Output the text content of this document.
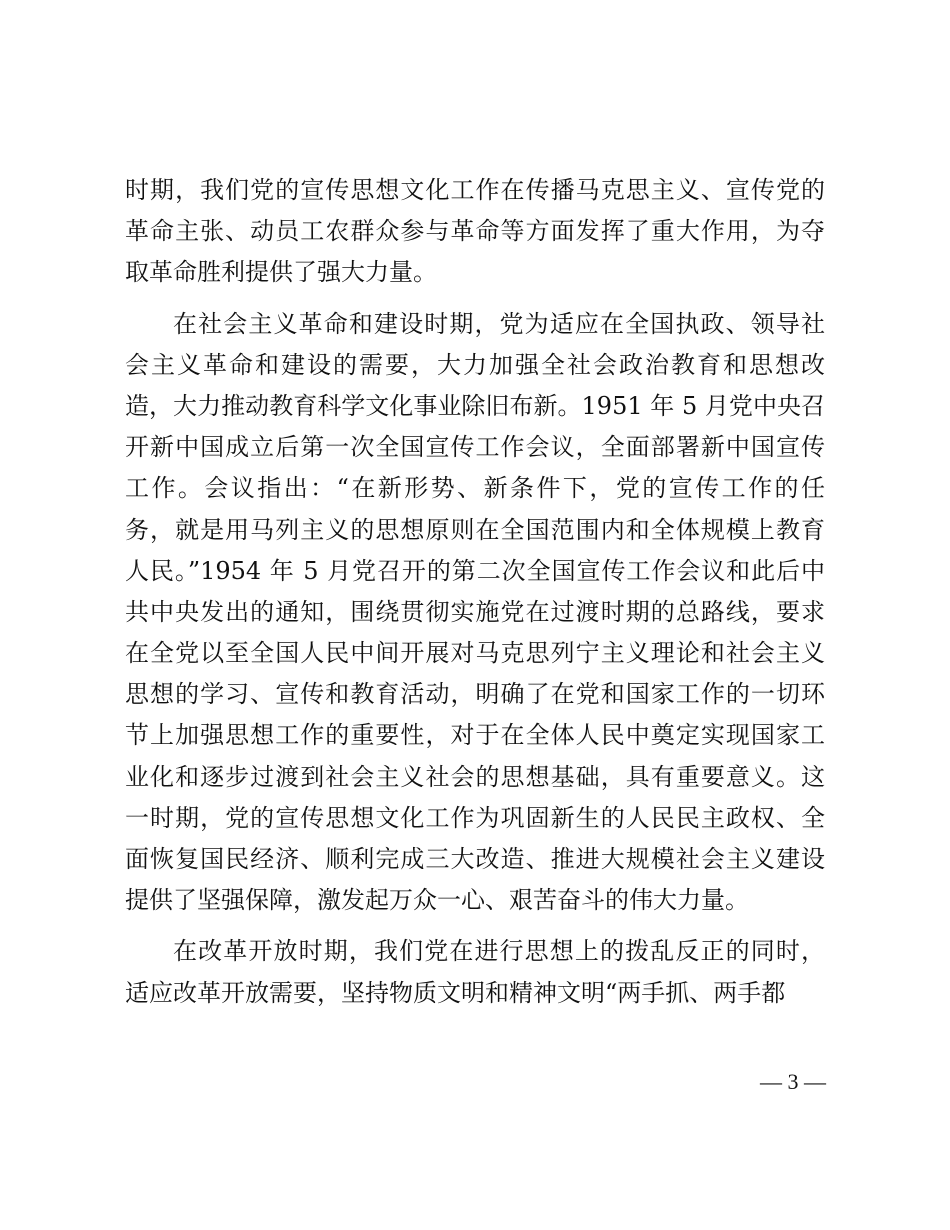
时期，我们党的宣传思想文化工作在传播马克思主义、宣传党的
革命主张、动员工农群众参与革命等方面发挥了重大作用，为夺
取革命胜利提供了强大力量。
在社会主义革命和建设时期，党为适应在全国执政、领导社
会主义革命和建设的需要，大力加强全社会政治教育和思想改
造，大力推动教育科学文化事业除旧布新。1951 年 5 月党中央召
开新中国成立后第一次全国宣传工作会议，全面部署新中国宣传
工作。会议指出：“在新形势、新条件下，党的宣传工作的任
务，就是用马列主义的思想原则在全国范围内和全体规模上教育
人民。”1954 年 5 月党召开的第二次全国宣传工作会议和此后中
共中央发出的通知，围绕贯彻实施党在过渡时期的总路线，要求
在全党以至全国人民中间开展对马克思列宁主义理论和社会主义
思想的学习、宣传和教育活动，明确了在党和国家工作的一切环
节上加强思想工作的重要性，对于在全体人民中奠定实现国家工
业化和逐步过渡到社会主义社会的思想基础，具有重要意义。这
一时期，党的宣传思想文化工作为巩固新生的人民民主政权、全
面恢复国民经济、顺利完成三大改造、推进大规模社会主义建设
提供了坚强保障，激发起万众一心、艰苦奋斗的伟大力量。
在改革开放时期，我们党在进行思想上的拨乱反正的同时，
适应改革开放需要，坚持物质文明和精神文明“两手抓、两手都
— 3 —
